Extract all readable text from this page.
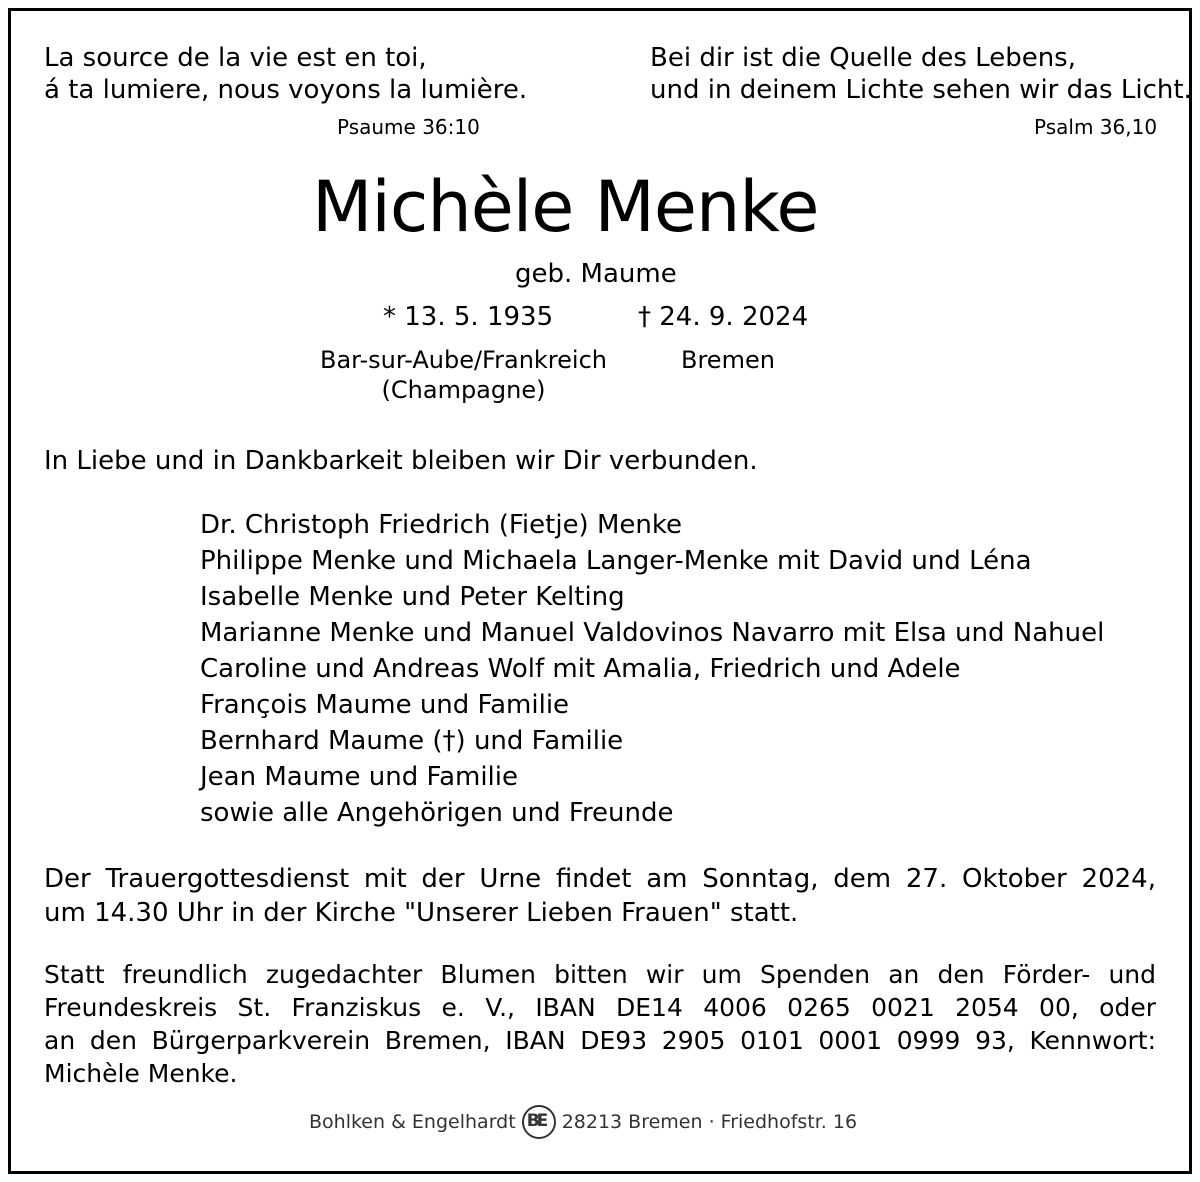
La source de la vie est en toi,
á ta lumiere, nous voyons la lumière.
Psaume 36:10
Bei dir ist die Quelle des Lebens,
und in deinem Lichte sehen wir das Licht.
Psalm 36,10
Michèle Menke
geb. Maume
* 13. 5. 1935	† 24. 9. 2024
Bar-sur-Aube/Frankreich
(Champagne)
Bremen
In Liebe und in Dankbarkeit bleiben wir Dir verbunden.
Dr. Christoph Friedrich (Fietje) Menke
Philippe Menke und Michaela Langer-Menke mit David und Léna
Isabelle Menke und Peter Kelting
Marianne Menke und Manuel Valdovinos Navarro mit Elsa und Nahuel
Caroline und Andreas Wolf mit Amalia, Friedrich und Adele
François Maume und Familie
Bernhard Maume (†) und Familie
Jean Maume und Familie
sowie alle Angehörigen und Freunde
Der Trauergottesdienst mit der Urne findet am Sonntag, dem 27. Oktober 2024,
um 14.30 Uhr in der Kirche "Unserer Lieben Frauen" statt.
Statt freundlich zugedachter Blumen bitten wir um Spenden an den Förder- und
Freundeskreis St. Franziskus e. V., IBAN DE14 4006 0265 0021 2054 00, oder
an den Bürgerparkverein Bremen, IBAN DE93 2905 0101 0001 0999 93, Kennwort:
Michèle Menke.
Bohlken & Engelhardt BE 28213 Bremen · Friedhofstr. 16
